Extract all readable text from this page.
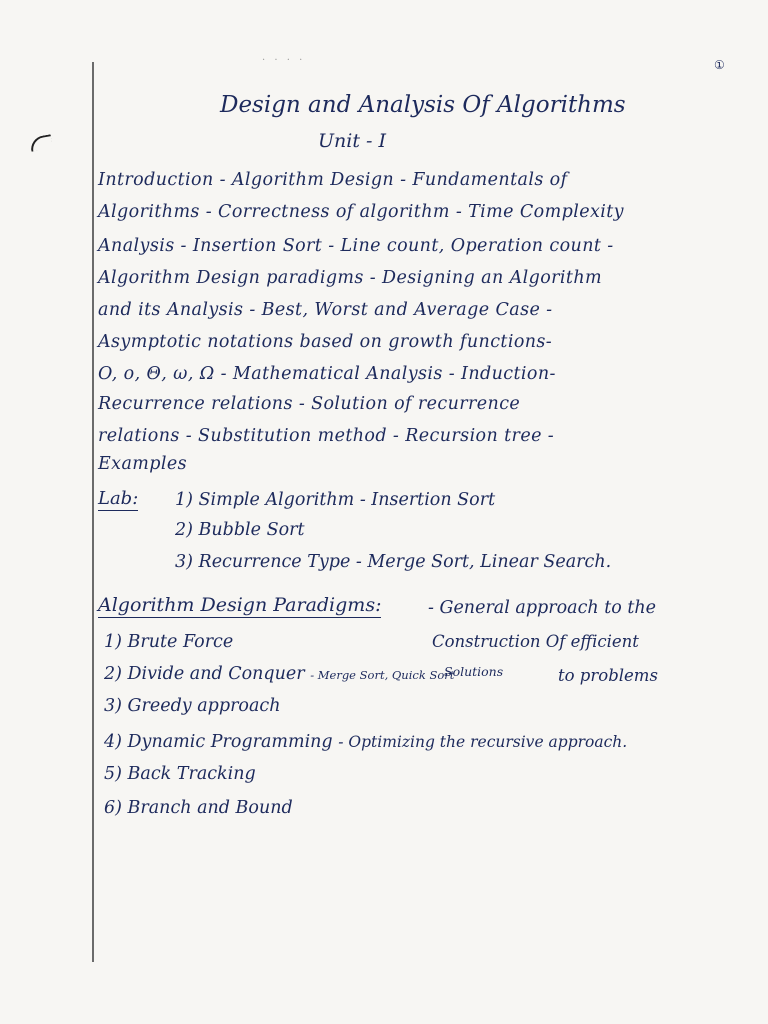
. . . .
①
Design and Analysis Of Algorithms
Unit - I
Introduction - Algorithm Design - Fundamentals of
Algorithms - Correctness of algorithm - Time Complexity
Analysis - Insertion Sort - Line count, Operation count -
Algorithm Design paradigms - Designing an Algorithm
and its Analysis - Best, Worst and Average Case -
Asymptotic notations based on growth functions-
O, o, Θ, ω, Ω - Mathematical Analysis - Induction-
Recurrence relations - Solution of recurrence
relations - Substitution method - Recursion tree -
Examples
Lab: 1) Simple Algorithm - Insertion Sort
2) Bubble Sort
3) Recurrence Type - Merge Sort, Linear Search.
Algorithm Design Paradigms:	- General approach to the
Construction Of efficient
Solutions	to problems
1) Brute Force
2) Divide and Conquer - Merge Sort, Quick Sort
3) Greedy approach
4) Dynamic Programming - Optimizing the recursive approach.
5) Back Tracking
6) Branch and Bound
